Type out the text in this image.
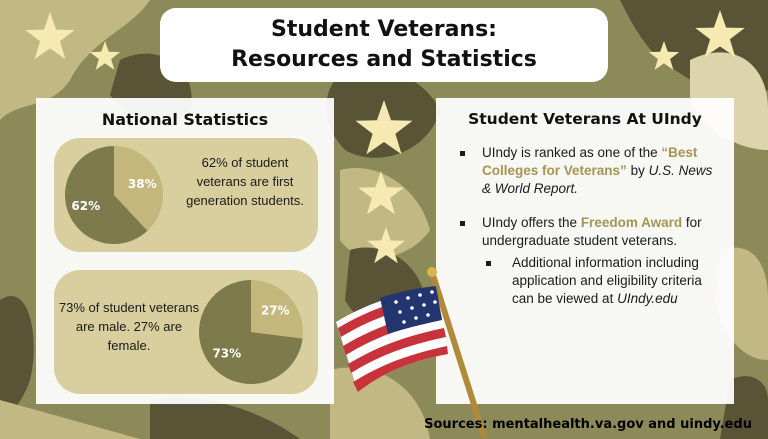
Student Veterans:
Resources and Statistics
National Statistics
62%
38%
62% of student veterans are first generation students.
73% of student veterans are male. 27% are female.
73%
27%
Student Veterans At UIndy
UIndy is ranked as one of the “Best Colleges for Veterans” by U.S. News & World Report.
UIndy offers the Freedom Award for undergraduate student veterans.
Additional information including application and eligibility criteria can be viewed at UIndy.edu
Sources: mentalhealth.va.gov and uindy.edu
